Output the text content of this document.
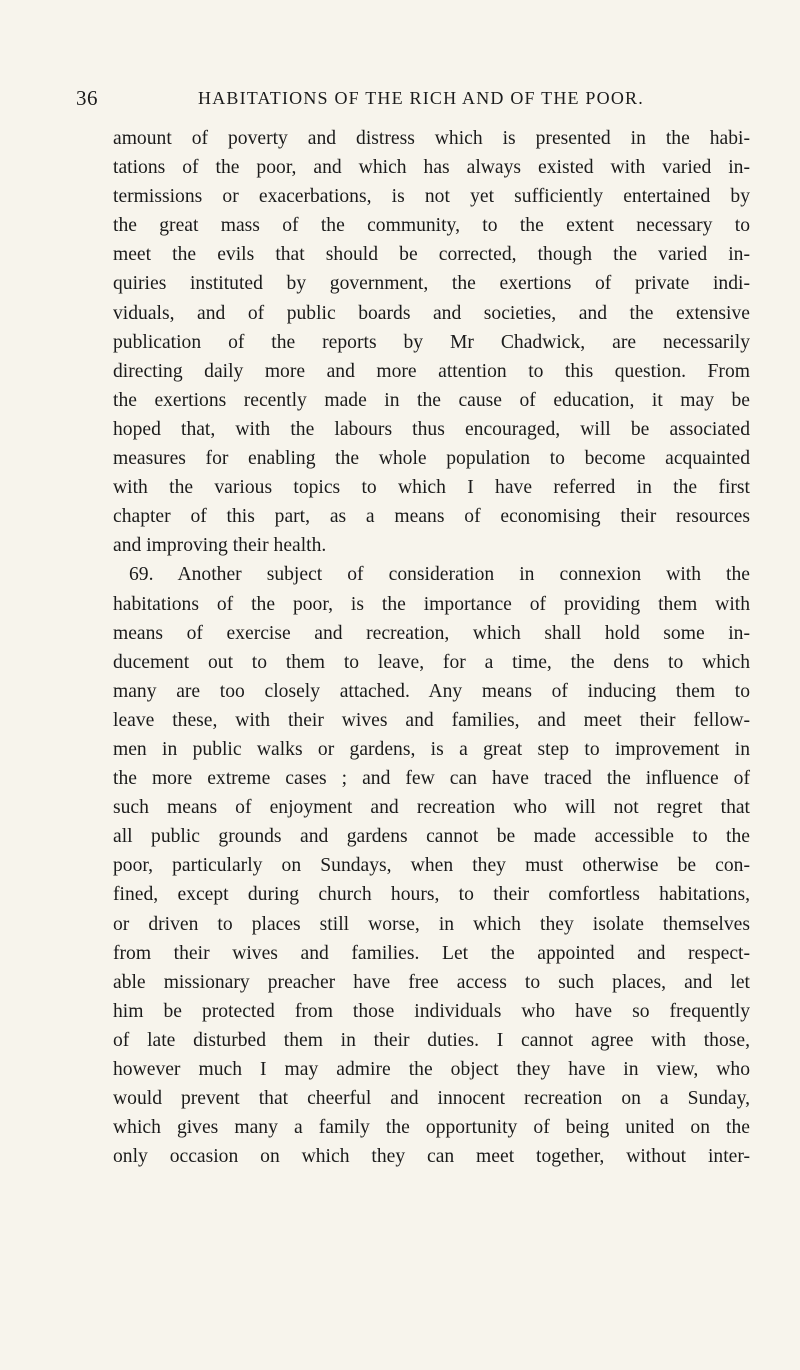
36	HABITATIONS OF THE RICH AND OF THE POOR.
amount of poverty and distress which is presented in the habi-
tations of the poor, and which has always existed with varied in-
termissions or exacerbations, is not yet sufficiently entertained by
the great mass of the community, to the extent necessary to
meet the evils that should be corrected, though the varied in-
quiries instituted by government, the exertions of private indi-
viduals, and of public boards and societies, and the extensive
publication of the reports by Mr Chadwick, are necessarily
directing daily more and more attention to this question. From
the exertions recently made in the cause of education, it may be
hoped that, with the labours thus encouraged, will be associated
measures for enabling the whole population to become acquainted
with the various topics to which I have referred in the first
chapter of this part, as a means of economising their resources
and improving their health.
69. Another subject of consideration in connexion with the
habitations of the poor, is the importance of providing them with
means of exercise and recreation, which shall hold some in-
ducement out to them to leave, for a time, the dens to which
many are too closely attached. Any means of inducing them to
leave these, with their wives and families, and meet their fellow-
men in public walks or gardens, is a great step to improvement in
the more extreme cases ; and few can have traced the influence of
such means of enjoyment and recreation who will not regret that
all public grounds and gardens cannot be made accessible to the
poor, particularly on Sundays, when they must otherwise be con-
fined, except during church hours, to their comfortless habitations,
or driven to places still worse, in which they isolate themselves
from their wives and families. Let the appointed and respect-
able missionary preacher have free access to such places, and let
him be protected from those individuals who have so frequently
of late disturbed them in their duties. I cannot agree with those,
however much I may admire the object they have in view, who
would prevent that cheerful and innocent recreation on a Sunday,
which gives many a family the opportunity of being united on the
only occasion on which they can meet together, without inter-
